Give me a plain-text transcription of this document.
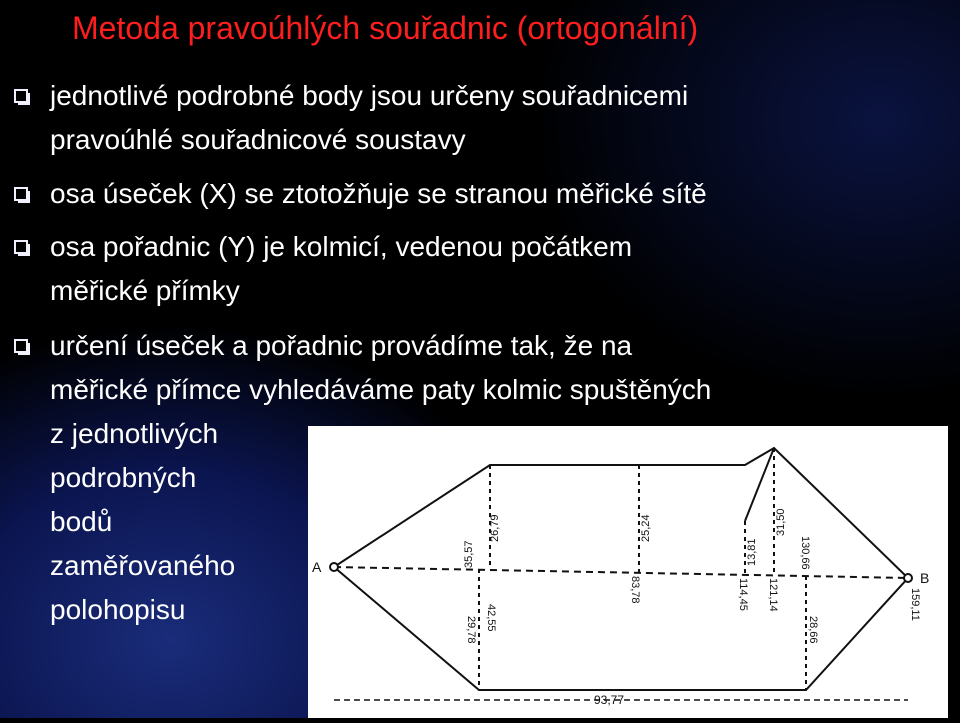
Metoda pravoúhlých souřadnic (ortogonální)
jednotlivé podrobné body jsou určeny souřadnicemi
pravoúhlé souřadnicové soustavy
osa úseček (X) se ztotožňuje se stranou měřické sítě
osa pořadnic (Y) je kolmicí, vedenou počátkem
měřické přímky
určení úseček a pořadnic provádíme tak, že na
měřické přímce vyhledáváme paty kolmic spuštěných
z jednotlivých
podrobných
bodů
zaměřovaného
polohopisu
A
B
26,79
35,57
42,55
29,78
25,24
83,78
13,81
114,45
31,50
121,14
130,66
28,66
159,11
93,77
